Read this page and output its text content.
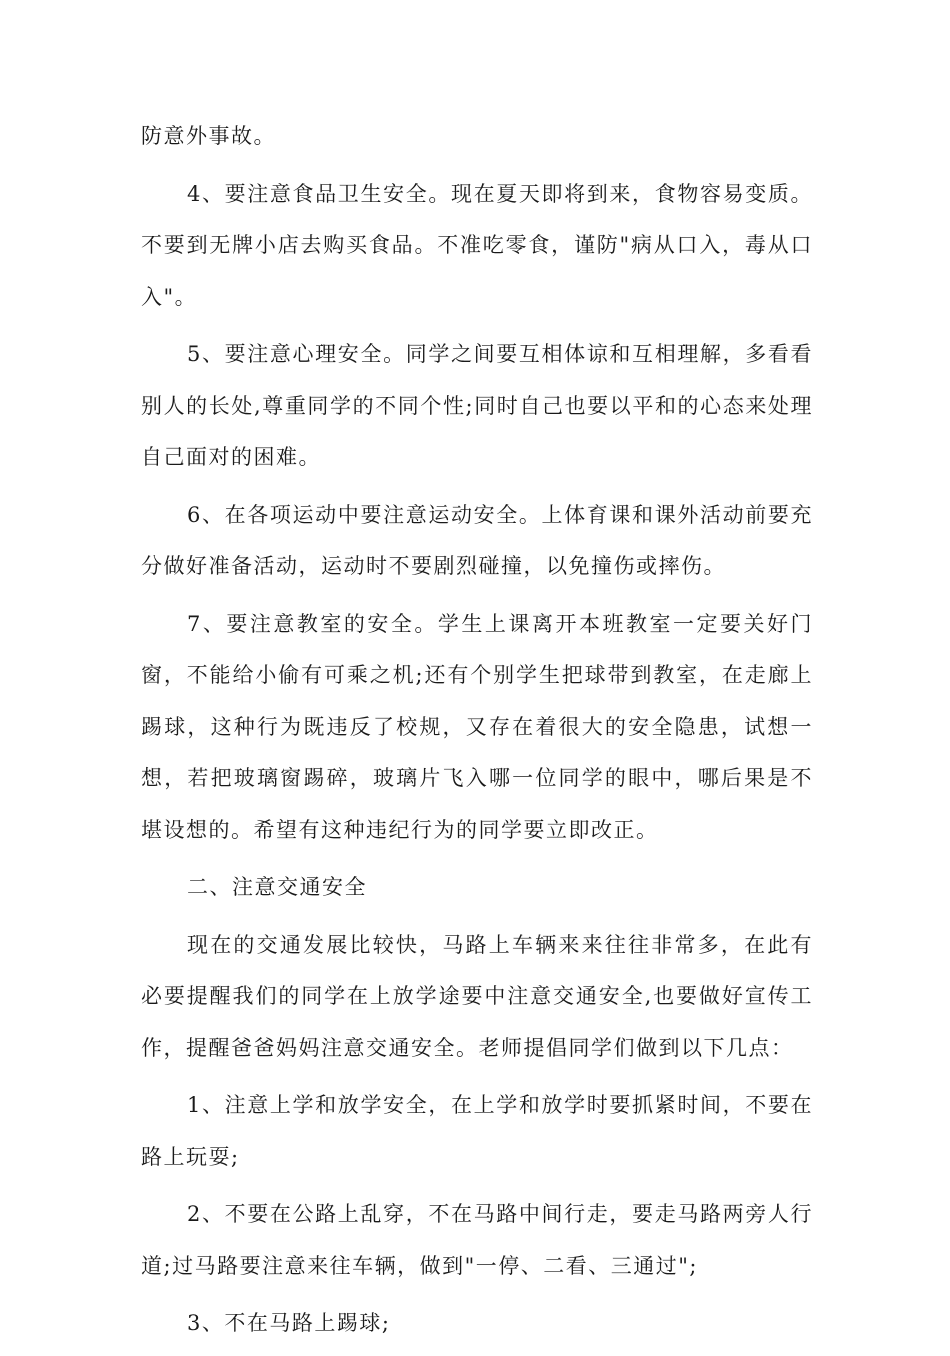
防意外事故。

4、要注意食品卫生安全。现在夏天即将到来，食物容易变质。不要到无牌小店去购买食品。不准吃零食，谨防"病从口入，毒从口入"。

5、要注意心理安全。同学之间要互相体谅和互相理解，多看看别人的长处,尊重同学的不同个性;同时自己也要以平和的心态来处理自己面对的困难。

6、在各项运动中要注意运动安全。上体育课和课外活动前要充分做好准备活动，运动时不要剧烈碰撞，以免撞伤或摔伤。

7、要注意教室的安全。学生上课离开本班教室一定要关好门窗，不能给小偷有可乘之机;还有个别学生把球带到教室，在走廊上踢球，这种行为既违反了校规，又存在着很大的安全隐患，试想一想，若把玻璃窗踢碎，玻璃片飞入哪一位同学的眼中，哪后果是不堪设想的。希望有这种违纪行为的同学要立即改正。

二、注意交通安全

现在的交通发展比较快，马路上车辆来来往往非常多，在此有必要提醒我们的同学在上放学途要中注意交通安全,也要做好宣传工作，提醒爸爸妈妈注意交通安全。老师提倡同学们做到以下几点：

1、注意上学和放学安全，在上学和放学时要抓紧时间，不要在路上玩耍;

2、不要在公路上乱穿，不在马路中间行走，要走马路两旁人行道;过马路要注意来往车辆，做到"一停、二看、三通过";

3、不在马路上踢球;
